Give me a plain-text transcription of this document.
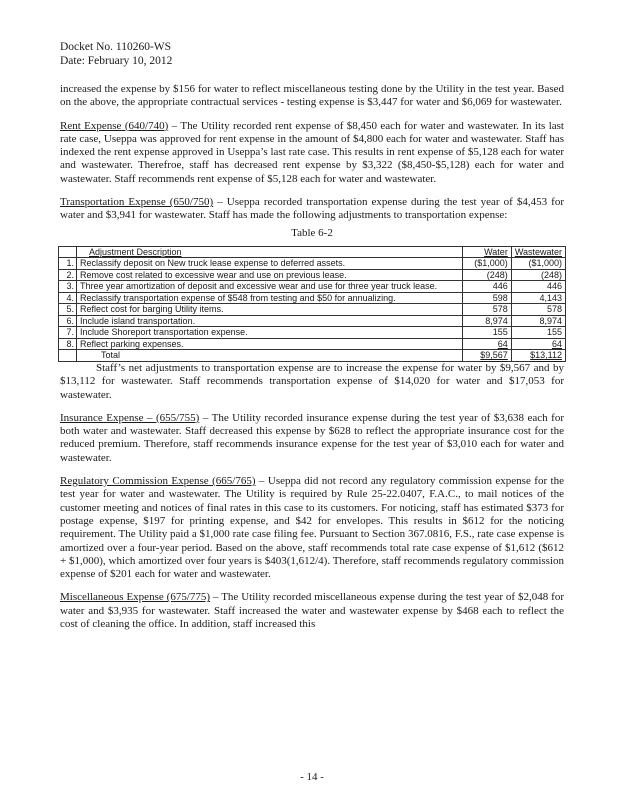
Docket No. 110260-WS
Date: February 10, 2012

increased the expense by $156 for water to reflect miscellaneous testing done by the Utility in the test year. Based on the above, the appropriate contractual services - testing expense is $3,447 for water and $6,069 for wastewater.

Rent Expense (640/740) – The Utility recorded rent expense of $8,450 each for water and wastewater. In its last rate case, Useppa was approved for rent expense in the amount of $4,800 each for water and wastewater. Staff has indexed the rent expense approved in Useppa’s last rate case. This results in rent expense of $5,128 each for water and wastewater. Therefroe, staff has decreased rent expense by $3,322 ($8,450-$5,128) each for water and wastewater. Staff recommends rent expense of $5,128 each for water and wastewater.

Transportation Expense (650/750) – Useppa recorded transportation expense during the test year of $4,453 for water and $3,941 for wastewater. Staff has made the following adjustments to transportation expense:

Table 6-2
	Adjustment Description	Water	Wastewater
1.	Reclassify deposit on New truck lease expense to deferred assets.	($1,000)	($1,000)
2.	Remove cost related to excessive wear and use on previous lease.	(248)	(248)
3.	Three year amortization of deposit and excessive wear and use for three year truck lease.	446	446
4.	Reclassify transportation expense of $548 from testing and $50 for annualizing.	598	4,143
5.	Reflect cost for barging Utility items.	578	578
6.	Include island transportation.	8,974	8,974
7.	Include Shoreport transportation expense.	155	155
8.	Reflect parking expenses.	64	64
	Total	$9,567	$13,112

Staff’s net adjustments to transportation expense are to increase the expense for water by $9,567 and by $13,112 for wastewater. Staff recommends transportation expense of $14,020 for water and $17,053 for wastewater.

Insurance Expense – (655/755) – The Utility recorded insurance expense during the test year of $3,638 each for both water and wastewater. Staff decreased this expense by $628 to reflect the appropriate insurance cost for the reduced premium. Therefore, staff recommends insurance expense for the test year of $3,010 each for water and wastewater.

Regulatory Commission Expense (665/765) – Useppa did not record any regulatory commission expense for the test year for water and wastewater. The Utility is required by Rule 25-22.0407, F.A.C., to mail notices of the customer meeting and notices of final rates in this case to its customers. For noticing, staff has estimated $373 for postage expense, $197 for printing expense, and $42 for envelopes. This results in $612 for the noticing requirement. The Utility paid a $1,000 rate case filing fee. Pursuant to Section 367.0816, F.S., rate case expense is amortized over a four-year period. Based on the above, staff recommends total rate case expense of $1,612 ($612 + $1,000), which amortized over four years is $403(1,612/4). Therefore, staff recommends regulatory commission expense of $201 each for water and wastewater.

Miscellaneous Expense (675/775) – The Utility recorded miscellaneous expense during the test year of $2,048 for water and $3,935 for wastewater. Staff increased the water and wastewater expense by $468 each to reflect the cost of cleaning the office. In addition, staff increased this

- 14 -
